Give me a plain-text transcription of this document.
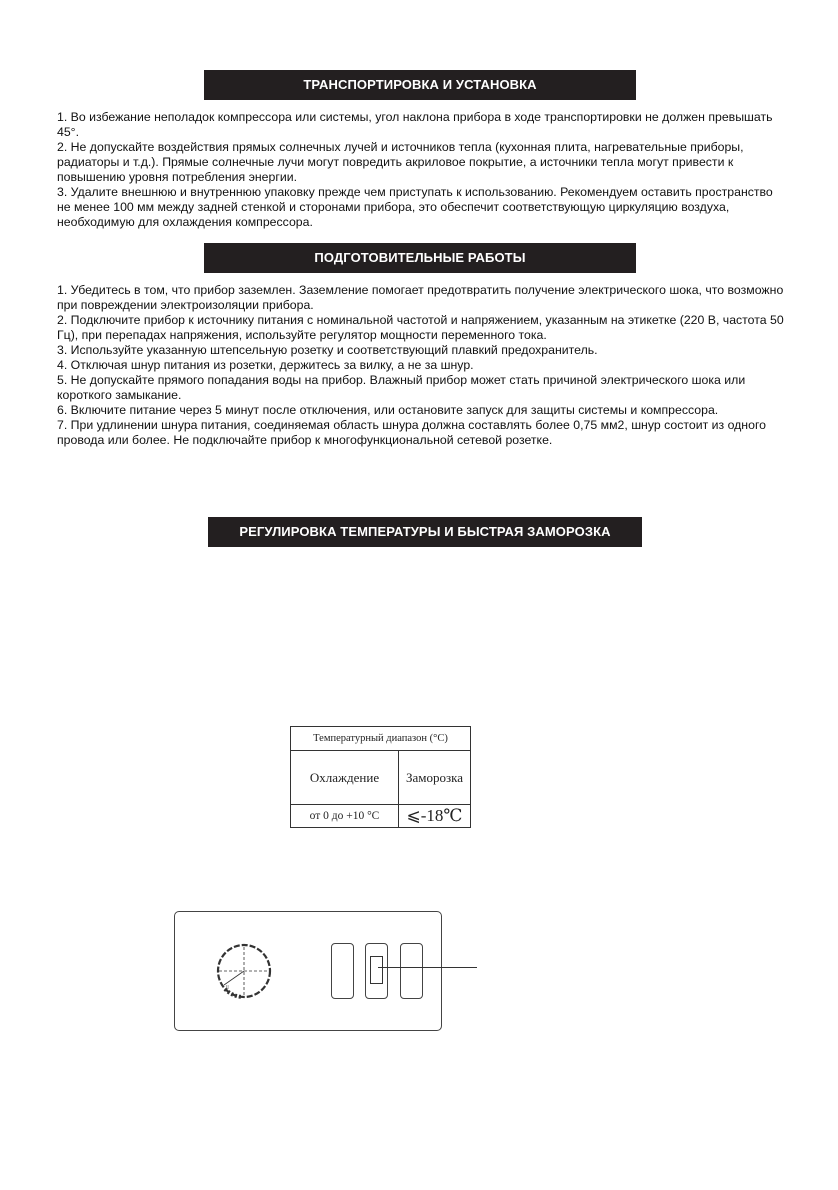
ТРАНСПОРТИРОВКА И УСТАНОВКА

1. Во избежание неполадок компрессора или системы, угол наклона прибора в ходе транспортировки не должен превышать 45°.

2. Не допускайте воздействия прямых солнечных лучей и источников тепла (кухонная плита, нагревательные приборы, радиаторы и т.д.). Прямые солнечные лучи могут повредить акриловое покрытие, а источники тепла могут привести к повышению уровня потребления энергии.

3. Удалите внешнюю и внутреннюю упаковку прежде чем приступать к использованию. Рекомендуем оставить пространство не менее 100 мм между задней стенкой и сторонами прибора, это обеспечит соответствующую циркуляцию воздуха, необходимую для охлаждения компрессора.

ПОДГОТОВИТЕЛЬНЫЕ РАБОТЫ

1. Убедитесь в том, что прибор заземлен. Заземление помогает предотвратить получение электрического шока, что возможно при повреждении электроизоляции прибора.

2. Подключите прибор к источнику питания с номинальной частотой и напряжением, указанным на этикетке (220 В, частота 50 Гц), при перепадах напряжения, используйте регулятор мощности переменного тока.

3. Используйте указанную штепсельную розетку и соответствующий плавкий предохранитель.

4. Отключая шнур питания из розетки, держитесь за вилку, а не за шнур.

5. Не допускайте прямого попадания воды на прибор. Влажный прибор может стать причиной электрического шока или короткого замыкание.

6. Включите питание через 5 минут после отключения, или остановите запуск для защиты системы и компрессора.

7. При удлинении шнура питания, соединяемая область шнура должна составлять более 0,75 мм2, шнур состоит из одного провода или более. Не подключайте прибор к многофункциональной сетевой розетке.

РЕГУЛИРОВКА ТЕМПЕРАТУРЫ И БЫСТРАЯ ЗАМОРОЗКА
Температурный диапазон (°С)	
Охлаждение	Заморозка
от 0 до +10 °С	⩽-18℃
II
